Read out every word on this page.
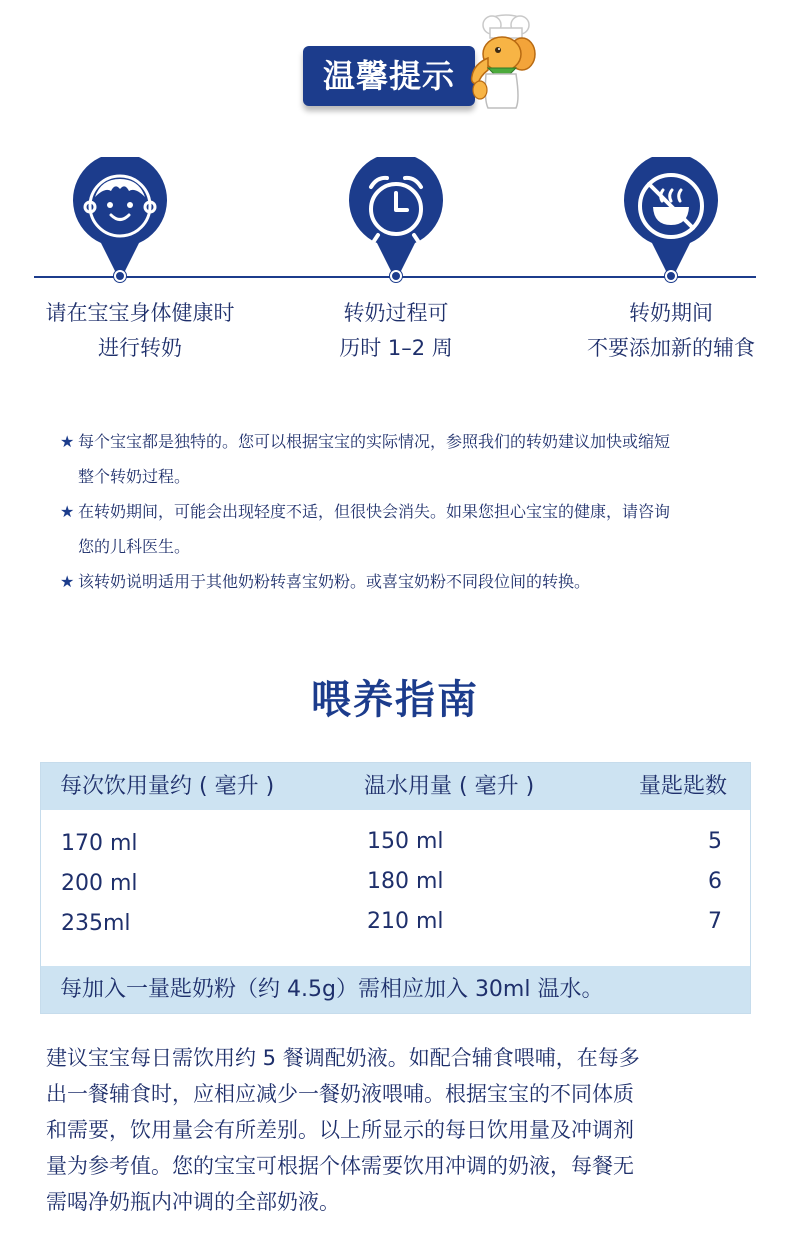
温馨提示
请在宝宝身体健康时
进行转奶
转奶过程可
历时 1–2 周
转奶期间
不要添加新的辅食
★ 每个宝宝都是独特的。您可以根据宝宝的实际情况，参照我们的转奶建议加快或缩短
整个转奶过程。
★ 在转奶期间，可能会出现轻度不适，但很快会消失。如果您担心宝宝的健康，请咨询
您的儿科医生。
★ 该转奶说明适用于其他奶粉转喜宝奶粉。或喜宝奶粉不同段位间的转换。
喂养指南
每次饮用量约 ( 毫升 )	温水用量 ( 毫升 )	量匙匙数
170 ml	150 ml	5
200 ml	180 ml	6
235ml	210 ml	7
每加入一量匙奶粉（约 4.5g）需相应加入 30ml 温水。
建议宝宝每日需饮用约 5 餐调配奶液。如配合辅食喂哺，在每多
出一餐辅食时，应相应减少一餐奶液喂哺。根据宝宝的不同体质
和需要，饮用量会有所差别。以上所显示的每日饮用量及冲调剂
量为参考值。您的宝宝可根据个体需要饮用冲调的奶液，每餐无
需喝净奶瓶内冲调的全部奶液。
